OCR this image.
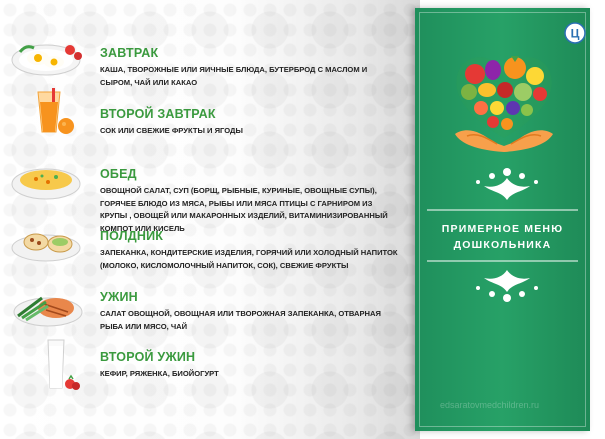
ЗАВТРАК
КАША, ТВОРОЖНЫЕ ИЛИ ЯИЧНЫЕ БЛЮДА, БУТЕРБРОД С МАСЛОМ И СЫРОМ, ЧАЙ ИЛИ КАКАО
ВТОРОЙ ЗАВТРАК
СОК ИЛИ СВЕЖИЕ ФРУКТЫ И ЯГОДЫ
ОБЕД
ОВОЩНОЙ САЛАТ, СУП (БОРЩ, РЫБНЫЕ, КУРИНЫЕ, ОВОЩНЫЕ СУПЫ), ГОРЯЧЕЕ БЛЮДО ИЗ МЯСА, РЫБЫ ИЛИ МЯСА ПТИЦЫ С ГАРНИРОМ ИЗ КРУПЫ , ОВОЩЕЙ ИЛИ МАКАРОННЫХ ИЗДЕЛИЙ, ВИТАМИНИЗИРОВАННЫЙ КОМПОТ ИЛИ КИСЕЛЬ
ПОЛДНИК
ЗАПЕКАНКА, КОНДИТЕРСКИЕ ИЗДЕЛИЯ, ГОРЯЧИЙ ИЛИ ХОЛОДНЫЙ НАПИТОК (МОЛОКО, КИСЛОМОЛОЧНЫЙ НАПИТОК, СОК), СВЕЖИЕ ФРУКТЫ
УЖИН
САЛАТ ОВОЩНОЙ, ОВОЩНАЯ ИЛИ ТВОРОЖНАЯ ЗАПЕКАНКА, ОТВАРНАЯ РЫБА ИЛИ МЯСО, ЧАЙ
ВТОРОЙ УЖИН
КЕФИР, РЯЖЕНКА, БИОЙОГУРТ
Ц
ПРИМЕРНОЕ МЕНЮ
ДОШКОЛЬНИКА
edsaratovmedchildren.ru
